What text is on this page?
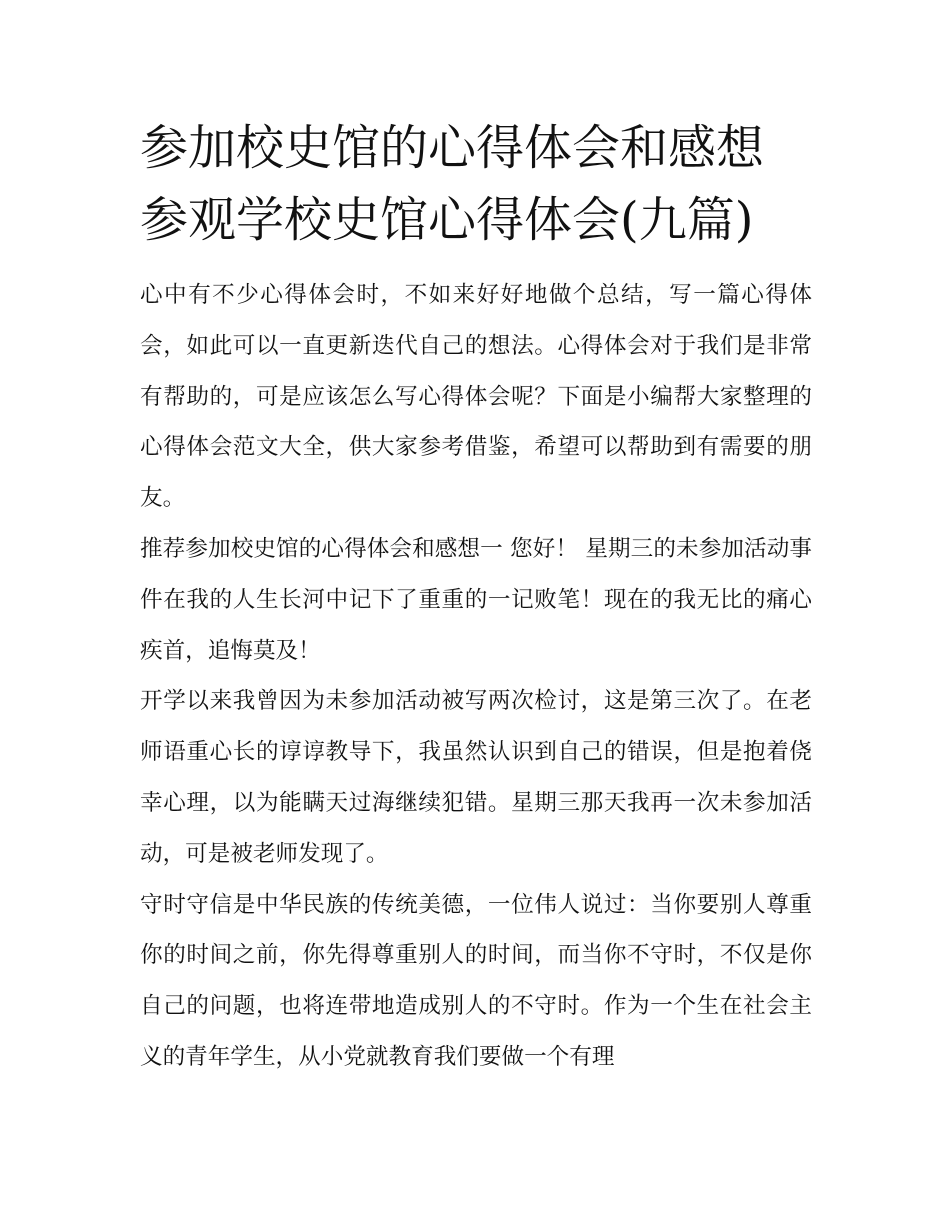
参加校史馆的心得体会和感想
参观学校史馆心得体会(九篇)

心中有不少心得体会时，不如来好好地做个总结，写一篇心得体会，如此可以一直更新迭代自己的想法。心得体会对于我们是非常有帮助的，可是应该怎么写心得体会呢？下面是小编帮大家整理的心得体会范文大全，供大家参考借鉴，希望可以帮助到有需要的朋友。

推荐参加校史馆的心得体会和感想一 您好！ 星期三的未参加活动事件在我的人生长河中记下了重重的一记败笔！现在的我无比的痛心疾首，追悔莫及！

开学以来我曾因为未参加活动被写两次检讨，这是第三次了。在老师语重心长的谆谆教导下，我虽然认识到自己的错误，但是抱着侥幸心理，以为能瞒天过海继续犯错。星期三那天我再一次未参加活动，可是被老师发现了。

守时守信是中华民族的传统美德，一位伟人说过：当你要别人尊重你的时间之前，你先得尊重别人的时间，而当你不守时，不仅是你自己的问题，也将连带地造成别人的不守时。作为一个生在社会主义的青年学生，从小党就教育我们要做一个有理
